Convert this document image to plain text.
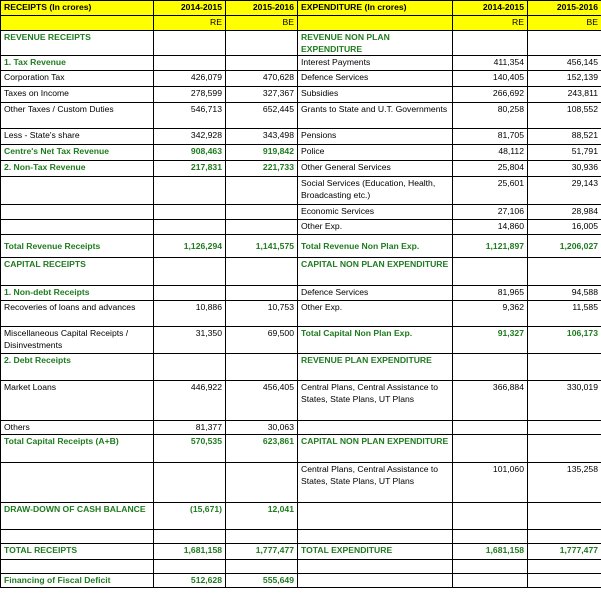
RECEIPTS (In crores)	2014-2015	2015-2016	EXPENDITURE (In crores)	2014-2015	2015-2016
	RE	BE		RE	BE
REVENUE RECEIPTS			REVENUE NON PLAN EXPENDITURE		
1. Tax Revenue			Interest Payments	411,354	456,145
Corporation Tax	426,079	470,628	Defence Services	140,405	152,139
Taxes on Income	278,599	327,367	Subsidies	266,692	243,811
Other Taxes / Custom Duties	546,713	652,445	Grants to State and U.T. Governments	80,258	108,552
Less - State's share	342,928	343,498	Pensions	81,705	88,521
Centre's Net Tax Revenue	908,463	919,842	Police	48,112	51,791
2. Non-Tax Revenue	217,831	221,733	Other General Services	25,804	30,936
			Social Services (Education, Health, Broadcasting etc.)	25,601	29,143
			Economic Services	27,106	28,984
			Other Exp.	14,860	16,005
Total Revenue Receipts	1,126,294	1,141,575	Total Revenue Non Plan Exp.	1,121,897	1,206,027
CAPITAL RECEIPTS			CAPITAL NON PLAN EXPENDITURE		
1. Non-debt Receipts			Defence Services	81,965	94,588
Recoveries of loans and advances	10,886	10,753	Other Exp.	9,362	11,585
Miscellaneous Capital Receipts / Disinvestments	31,350	69,500	Total Capital Non Plan Exp.	91,327	106,173
2. Debt Receipts			REVENUE PLAN EXPENDITURE		
Market Loans	446,922	456,405	Central Plans, Central Assistance to States, State Plans, UT Plans	366,884	330,019
Others	81,377	30,063			
Total Capital Receipts (A+B)	570,535	623,861	CAPITAL NON PLAN EXPENDITURE		
			Central Plans, Central Assistance to States, State Plans, UT Plans	101,060	135,258
DRAW-DOWN OF CASH BALANCE	(15,671)	12,041			

TOTAL RECEIPTS	1,681,158	1,777,477	TOTAL EXPENDITURE	1,681,158	1,777,477

Financing of Fiscal Deficit	512,628	555,649			
